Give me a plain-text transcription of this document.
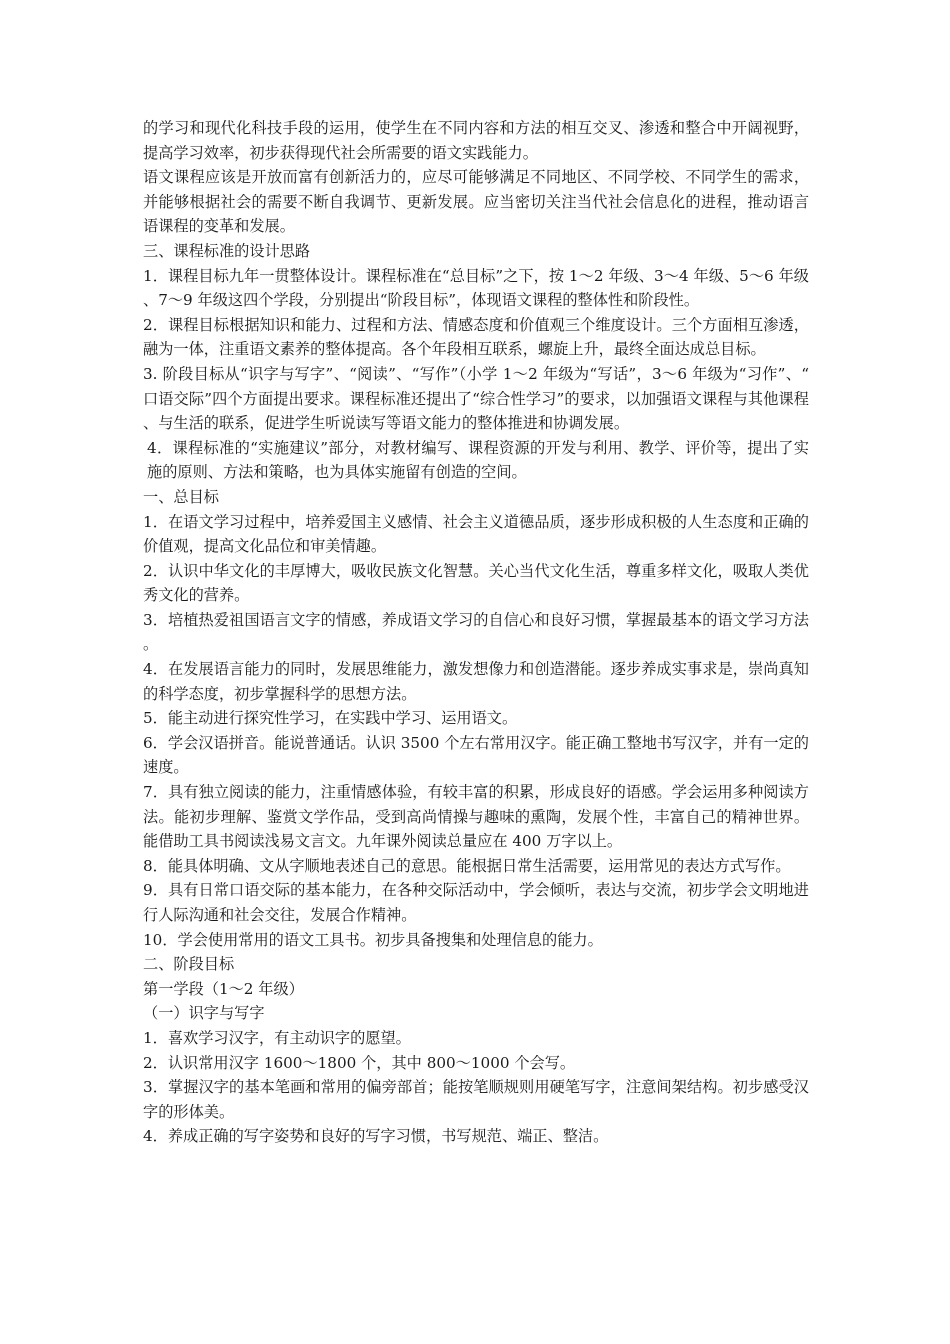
的学习和现代化科技手段的运用，使学生在不同内容和方法的相互交叉、渗透和整合中开阔视野，提高学习效率，初步获得现代社会所需要的语文实践能力。

语文课程应该是开放而富有创新活力的，应尽可能够满足不同地区、不同学校、不同学生的需求，并能够根据社会的需要不断自我调节、更新发展。应当密切关注当代社会信息化的进程，推动语言语课程的变革和发展。

三、课程标准的设计思路

1．课程目标九年一贯整体设计。课程标准在“总目标”之下，按 1～2 年级、3～4 年级、5～6 年级、7～9 年级这四个学段，分别提出“阶段目标”，体现语文课程的整体性和阶段性。

2．课程目标根据知识和能力、过程和方法、情感态度和价值观三个维度设计。三个方面相互渗透，融为一体，注重语文素养的整体提高。各个年段相互联系，螺旋上升，最终全面达成总目标。

3. 阶段目标从“识字与写字”、“阅读”、“写作”（小学 1～2 年级为“写话”，3～6 年级为“习作”、“口语交际”四个方面提出要求。课程标准还提出了“综合性学习”的要求，以加强语文课程与其他课程、与生活的联系，促进学生听说读写等语文能力的整体推进和协调发展。

4．课程标准的“实施建议”部分，对教材编写、课程资源的开发与利用、教学、评价等，提出了实施的原则、方法和策略，也为具体实施留有创造的空间。

一、总目标

1．在语文学习过程中，培养爱国主义感情、社会主义道德品质，逐步形成积极的人生态度和正确的价值观，提高文化品位和审美情趣。

2．认识中华文化的丰厚博大，吸收民族文化智慧。关心当代文化生活，尊重多样文化，吸取人类优秀文化的营养。

3．培植热爱祖国语言文字的情感，养成语文学习的自信心和良好习惯，掌握最基本的语文学习方法。

4．在发展语言能力的同时，发展思维能力，激发想像力和创造潜能。逐步养成实事求是，崇尚真知的科学态度，初步掌握科学的思想方法。

5．能主动进行探究性学习，在实践中学习、运用语文。

6．学会汉语拼音。能说普通话。认识 3500 个左右常用汉字。能正确工整地书写汉字，并有一定的速度。

7．具有独立阅读的能力，注重情感体验，有较丰富的积累，形成良好的语感。学会运用多种阅读方法。能初步理解、鉴赏文学作品，受到高尚情操与趣味的熏陶，发展个性，丰富自己的精神世界。能借助工具书阅读浅易文言文。九年课外阅读总量应在 400 万字以上。

8．能具体明确、文从字顺地表述自己的意思。能根据日常生活需要，运用常见的表达方式写作。

9．具有日常口语交际的基本能力，在各种交际活动中，学会倾听，表达与交流，初步学会文明地进行人际沟通和社会交往，发展合作精神。

10．学会使用常用的语文工具书。初步具备搜集和处理信息的能力。

二、阶段目标

第一学段（1～2 年级）

（一）识字与写字

1．喜欢学习汉字，有主动识字的愿望。

2．认识常用汉字 1600～1800 个，其中 800～1000 个会写。

3．掌握汉字的基本笔画和常用的偏旁部首；能按笔顺规则用硬笔写字，注意间架结构。初步感受汉字的形体美。

4．养成正确的写字姿势和良好的写字习惯，书写规范、端正、整洁。
